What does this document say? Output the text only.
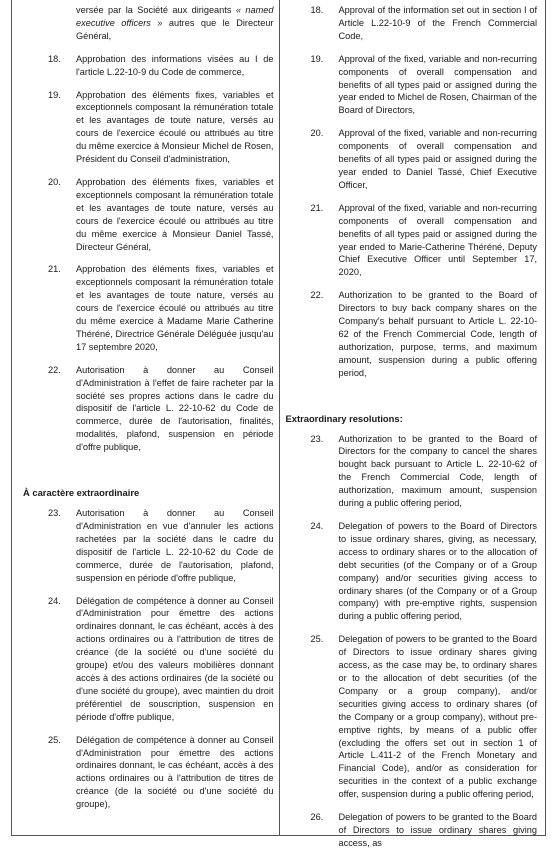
versée par la Société aux dirigeants « named executive officers » autres que le Directeur Général,
18.	Approbation des informations visées au I de l'article L.22-10-9 du Code de commerce,
19.	Approbation des éléments fixes, variables et exceptionnels composant la rémunération totale et les avantages de toute nature, versés au cours de l'exercice écoulé ou attribués au titre du même exercice à Monsieur Michel de Rosen, Président du Conseil d'administration,
20.	Approbation des éléments fixes, variables et exceptionnels composant la rémunération totale et les avantages de toute nature, versés au cours de l'exercice écoulé ou attribués au titre du même exercice à Monsieur Daniel Tassé, Directeur Général,
21.	Approbation des éléments fixes, variables et exceptionnels composant la rémunération totale et les avantages de toute nature, versés au cours de l'exercice écoulé ou attribués au titre du même exercice à Madame Marie Catherine Théréné, Directrice Générale Déléguée jusqu'au 17 septembre 2020,
22.	Autorisation à donner au Conseil d'Administration à l'effet de faire racheter par la société ses propres actions dans le cadre du dispositif de l'article L. 22-10-62 du Code de commerce, durée de l'autorisation, finalités, modalités, plafond, suspension en période d'offre publique,
À caractère extraordinaire
23.	Autorisation à donner au Conseil d'Administration en vue d'annuler les actions rachetées par la société dans le cadre du dispositif de l'article L. 22-10-62 du Code de commerce, durée de l'autorisation, plafond, suspension en période d'offre publique,
24.	Délégation de compétence à donner au Conseil d'Administration pour émettre des actions ordinaires donnant, le cas échéant, accès à des actions ordinaires ou à l'attribution de titres de créance (de la société ou d'une société du groupe) et/ou des valeurs mobilières donnant accès à des actions ordinaires (de la société ou d'une société du groupe), avec maintien du droit préférentiel de souscription, suspension en période d'offre publique,
25.	Délégation de compétence à donner au Conseil d'Administration pour émettre des actions ordinaires donnant, le cas échéant, accès à des actions ordinaires ou à l'attribution de titres de créance (de la société ou d'une société du groupe),
18.	Approval of the information set out in section I of Article L.22-10-9 of the French Commercial Code,
19.	Approval of the fixed, variable and non-recurring components of overall compensation and benefits of all types paid or assigned during the year ended to Michel de Rosen, Chairman of the Board of Directors,
20.	Approval of the fixed, variable and non-recurring components of overall compensation and benefits of all types paid or assigned during the year ended to Daniel Tassé, Chief Executive Officer,
21.	Approval of the fixed, variable and non-recurring components of overall compensation and benefits of all types paid or assigned during the year ended to Marie-Catherine Théréné, Deputy Chief Executive Officer until September 17, 2020,
22.	Authorization to be granted to the Board of Directors to buy back company shares on the Company's behalf pursuant to Article L. 22-10-62 of the French Commercial Code, length of authorization, purpose, terms, and maximum amount, suspension during a public offering period,
Extraordinary resolutions:
23.	Authorization to be granted to the Board of Directors for the company to cancel the shares bought back pursuant to Article L. 22-10-62 of the French Commercial Code, length of authorization, maximum amount, suspension during a public offering period,
24.	Delegation of powers to the Board of Directors to issue ordinary shares, giving, as necessary, access to ordinary shares or to the allocation of debt securities (of the Company or of a Group company) and/or securities giving access to ordinary shares (of the Company or of a Group company) with pre-emptive rights, suspension during a public offering period,
25.	Delegation of powers to be granted to the Board of Directors to issue ordinary shares giving access, as the case may be, to ordinary shares or to the allocation of debt securities (of the Company or a group company), and/or securities giving access to ordinary shares (of the Company or a group company), without pre-emptive rights, by means of a public offer (excluding the offers set out in section 1 of Article L.411-2 of the French Monetary and Financial Code), and/or as consideration for securities in the context of a public exchange offer, suspension during a public offering period,
26.	Delegation of powers to be granted to the Board of Directors to issue ordinary shares giving access, as
